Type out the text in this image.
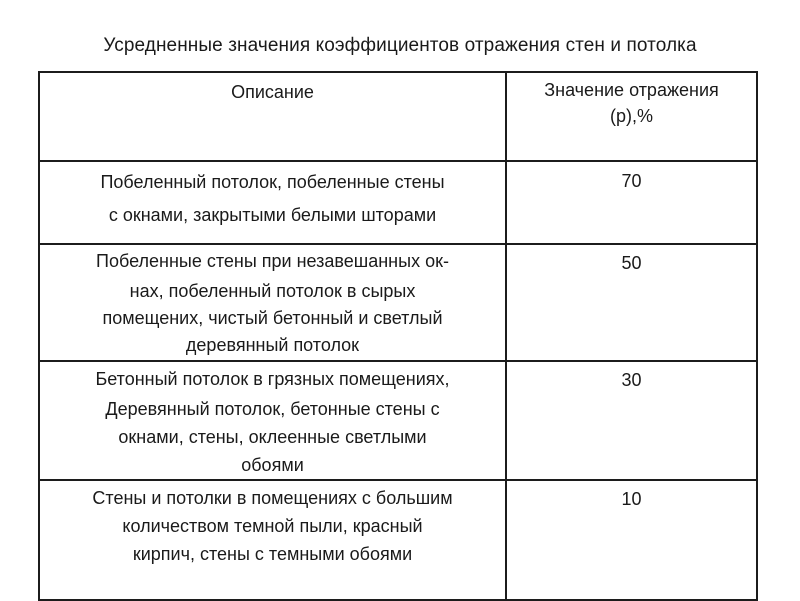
Усредненные значения коэффициентов отражения стен и потолка
Описание	Значение отражения
(р),%
Побеленный потолок, побеленные стены
с окнами, закрытыми белыми шторами
70
Побеленные стены при незавешанных ок-
нах, побеленный потолок в сырых
помещених, чистый бетонный и светлый
деревянный потолок
50
Бетонный потолок в грязных помещениях,
Деревянный потолок, бетонные стены с
окнами, стены, оклеенные светлыми
обоями
30
Стены и потолки в помещениях с большим
количеством темной пыли, красный
кирпич, стены с темными обоями
10
